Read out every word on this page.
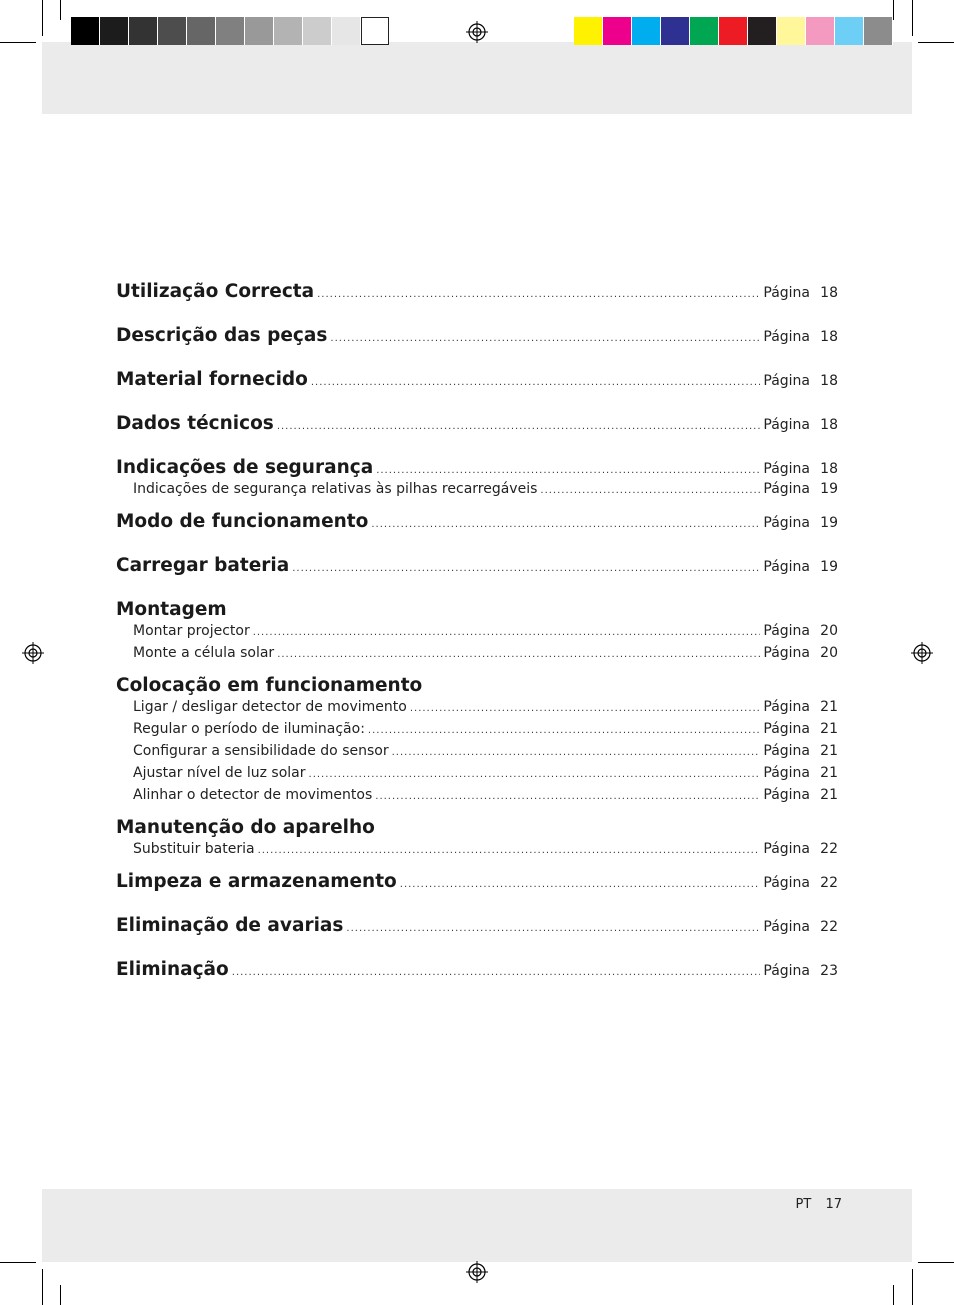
Utilização Correcta .....	Página 18
Descrição das peças .....	Página 18
Material fornecido .....	Página 18
Dados técnicos .....	Página 18
Indicações de segurança .....	Página 18
Indicações de segurança relativas às pilhas recarregáveis .....	Página 19
Modo de funcionamento .....	Página 19
Carregar bateria .....	Página 19
Montagem
Montar projector .....	Página 20
Monte a célula solar .....	Página 20
Colocação em funcionamento
Ligar / desligar detector de movimento .....	Página 21
Regular o período de iluminação: .....	Página 21
Configurar a sensibilidade do sensor .....	Página 21
Ajustar nível de luz solar .....	Página 21
Alinhar o detector de movimentos .....	Página 21
Manutenção do aparelho
Substituir bateria .....	Página 22
Limpeza e armazenamento .....	Página 22
Eliminação de avarias .....	Página 22
Eliminação .....	Página 23
PT 17
